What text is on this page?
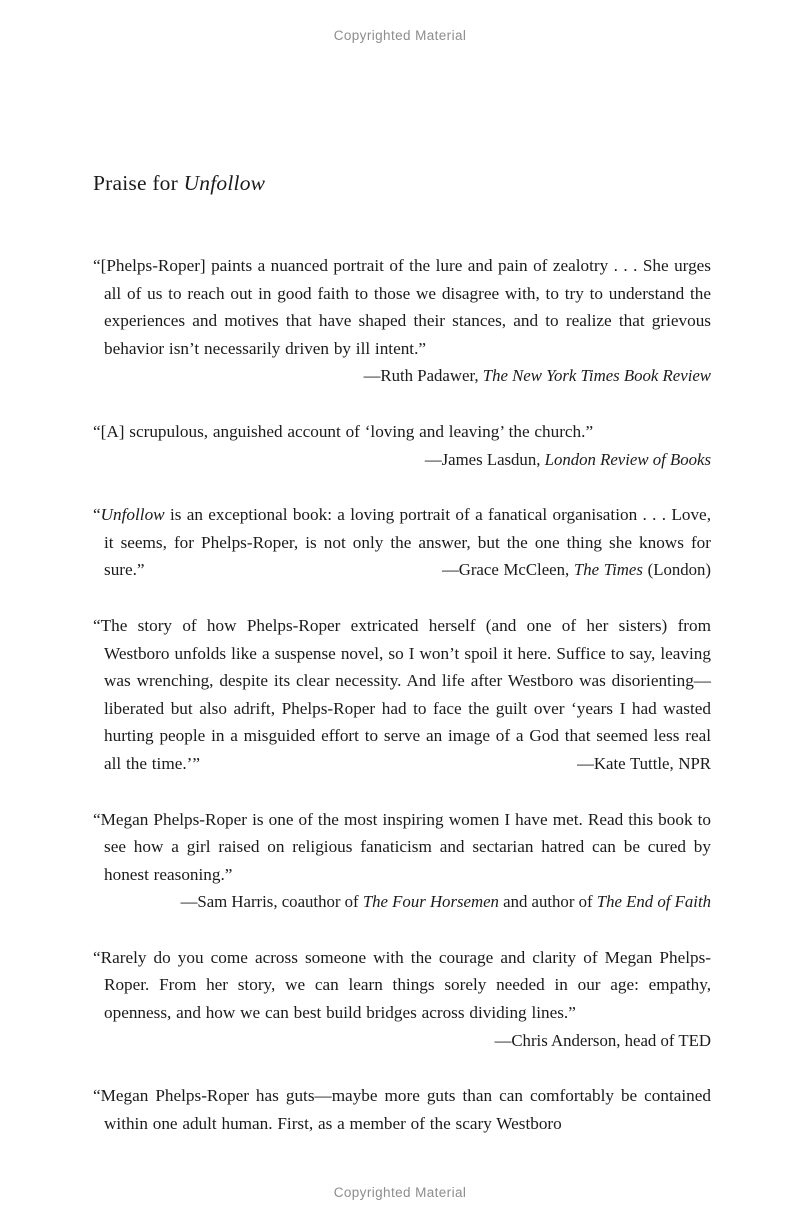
Copyrighted Material
Praise for Unfollow

“[Phelps-Roper] paints a nuanced portrait of the lure and pain of zealotry . . . She urges all of us to reach out in good faith to those we disagree with, to try to understand the experiences and motives that have shaped their stances, and to realize that grievous behavior isn’t necessarily driven by ill intent.”

—Ruth Padawer, The New York Times Book Review

“[A] scrupulous, anguished account of ‘loving and leaving’ the church.”

—James Lasdun, London Review of Books

“Unfollow is an exceptional book: a loving portrait of a fanatical organisation . . . Love, it seems, for Phelps-Roper, is not only the answer, but the one thing she knows for sure.”	—Grace McCleen, The Times (London)

“The story of how Phelps-Roper extricated herself (and one of her sisters) from Westboro unfolds like a suspense novel, so I won’t spoil it here. Suffice to say, leaving was wrenching, despite its clear necessity. And life after Westboro was disorienting—liberated but also adrift, Phelps-Roper had to face the guilt over ‘years I had wasted hurting people in a misguided effort to serve an image of a God that seemed less real all the time.’”	—Kate Tuttle, NPR

“Megan Phelps-Roper is one of the most inspiring women I have met. Read this book to see how a girl raised on religious fanaticism and sectarian hatred can be cured by honest reasoning.”

—Sam Harris, coauthor of The Four Horsemen and author of The End of Faith

“Rarely do you come across someone with the courage and clarity of Megan Phelps-Roper. From her story, we can learn things sorely needed in our age: empathy, openness, and how we can best build bridges across dividing lines.”

—Chris Anderson, head of TED

“Megan Phelps-Roper has guts—maybe more guts than can comfortably be contained within one adult human. First, as a member of the scary Westboro

Copyrighted Material
